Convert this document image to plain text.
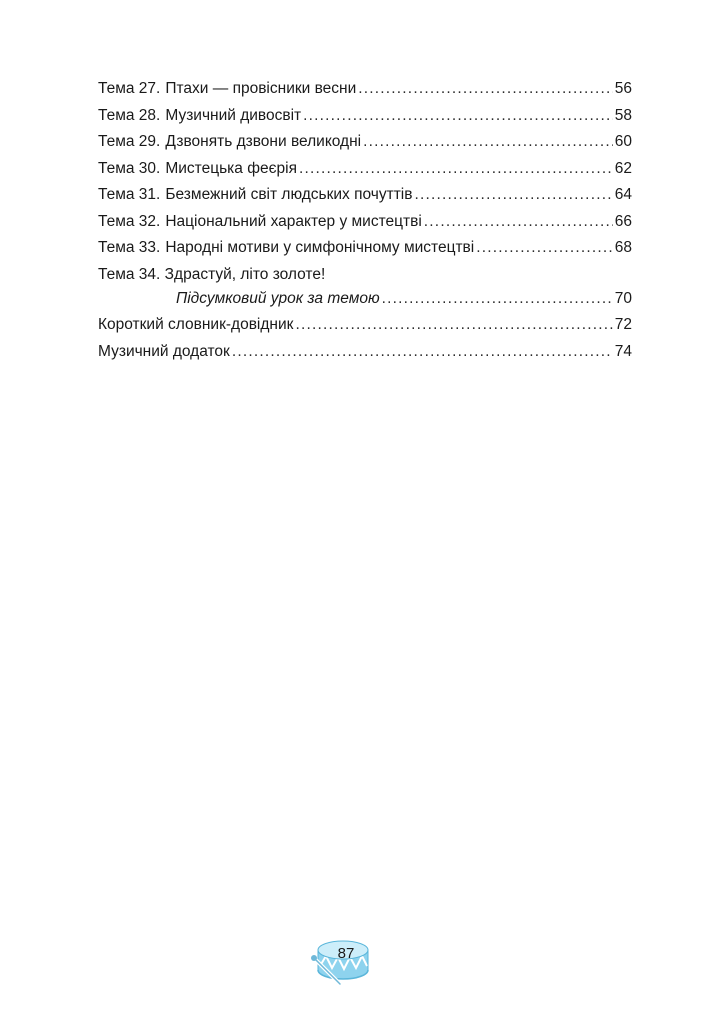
Тема 27. Птахи — провісники весни .....	56
Тема 28. Музичний дивосвіт .....	58
Тема 29. Дзвонять дзвони великодні .....	60
Тема 30. Мистецька феєрія .....	62
Тема 31. Безмежний світ людських почуттів .....	64
Тема 32. Національний характер у мистецтві .....	66
Тема 33. Народні мотиви у симфонічному мистецтві .....	68
Тема 34. Здрастуй, літо золоте!
Підсумковий урок за темою .....	70
Короткий словник-довідник .....	72
Музичний додаток .....	74
87
